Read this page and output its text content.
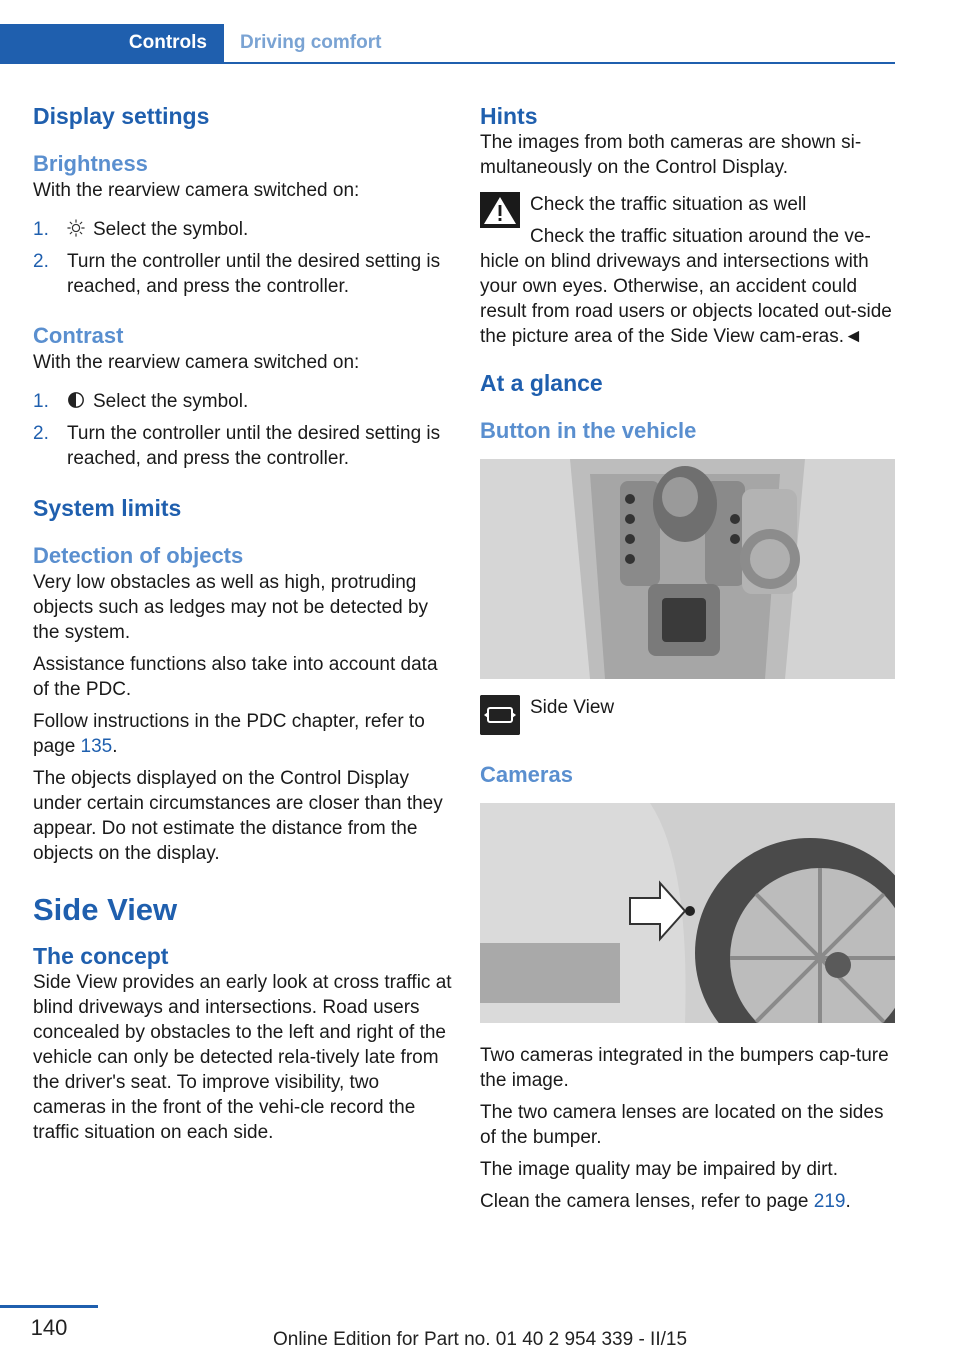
Controls	Driving comfort
Display settings
Brightness

With the rearview camera switched on:

1. Select the symbol.
2. Turn the controller until the desired setting is reached, and press the controller.
Contrast

With the rearview camera switched on:

1. Select the symbol.
2. Turn the controller until the desired setting is reached, and press the controller.
System limits
Detection of objects

Very low obstacles as well as high, protruding objects such as ledges may not be detected by the system.

Assistance functions also take into account data of the PDC.

Follow instructions in the PDC chapter, refer to page 135.

The objects displayed on the Control Display under certain circumstances are closer than they appear. Do not estimate the distance from the objects on the display.

Side View
The concept

Side View provides an early look at cross traffic at blind driveways and intersections. Road users concealed by obstacles to the left and right of the vehicle can only be detected rela-tively late from the driver's seat. To improve visibility, two cameras in the front of the vehi-cle record the traffic situation on each side.

Hints

The images from both cameras are shown si-multaneously on the Control Display.

Check the traffic situation as well

Check the traffic situation around the ve-

hicle on blind driveways and intersections with your own eyes. Otherwise, an accident could result from road users or objects located out-side the picture area of the Side View cam-eras.◄

At a glance
Button in the vehicle
Side View
Cameras

Two cameras integrated in the bumpers cap-ture the image.

The two camera lenses are located on the sides of the bumper.

The image quality may be impaired by dirt.

Clean the camera lenses, refer to page 219.

140	Online Edition for Part no. 01 40 2 954 339 - II/15
